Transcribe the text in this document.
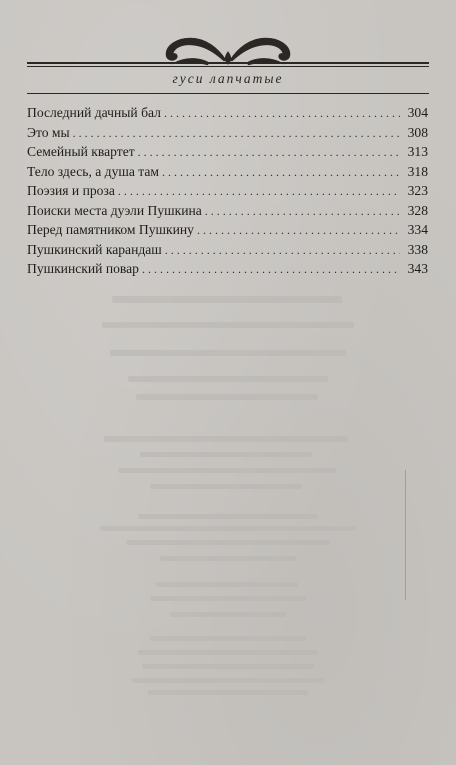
гуси лапчатые
Последний дачный бал . . .	304
Это мы . . .	308
Семейный квартет . . .	313
Тело здесь, а душа там . . .	318
Поэзия и проза . . .	323
Поиски места дуэли Пушкина . . .	328
Перед памятником Пушкину . . .	334
Пушкинский карандаш . . .	338
Пушкинский повар . . .	343
